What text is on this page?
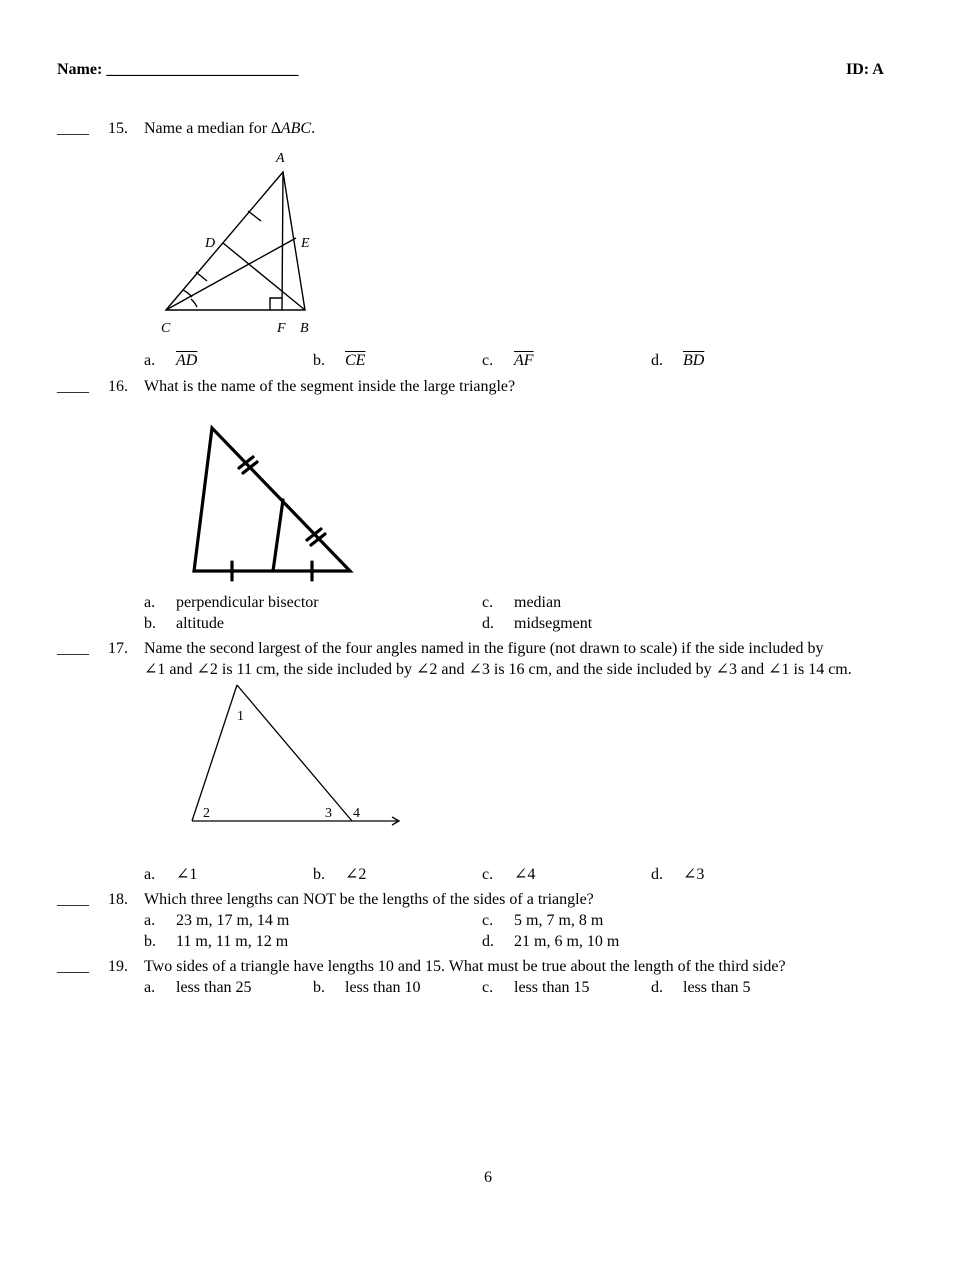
Name: ________________________	ID: A
____ 15. Name a median for ∆ABC.
A
D	E
C	F B
a. $\overline{AD}$	b. $\overline{CE}$	c. $\overline{AF}$	d. $\overline{BD}$
____ 16. What is the name of the segment inside the large triangle?
a. perpendicular bisector
b. altitude
c. median
d. midsegment
____ 17. Name the second largest of the four angles named in the figure (not drawn to scale) if the side included by
∠1 and ∠2 is 11 cm, the side included by ∠2 and ∠3 is 16 cm, and the side included by ∠3 and ∠1 is 14 cm.
1
2	3 4
a. ∠1	b. ∠2	c. ∠4	d. ∠3
____ 18. Which three lengths can NOT be the lengths of the sides of a triangle?
a. 23 m, 17 m, 14 m
b. 11 m, 11 m, 12 m
c. 5 m, 7 m, 8 m
d. 21 m, 6 m, 10 m
____ 19. Two sides of a triangle have lengths 10 and 15. What must be true about the length of the third side?
a. less than 25	b. less than 10	c. less than 15	d. less than 5
6
